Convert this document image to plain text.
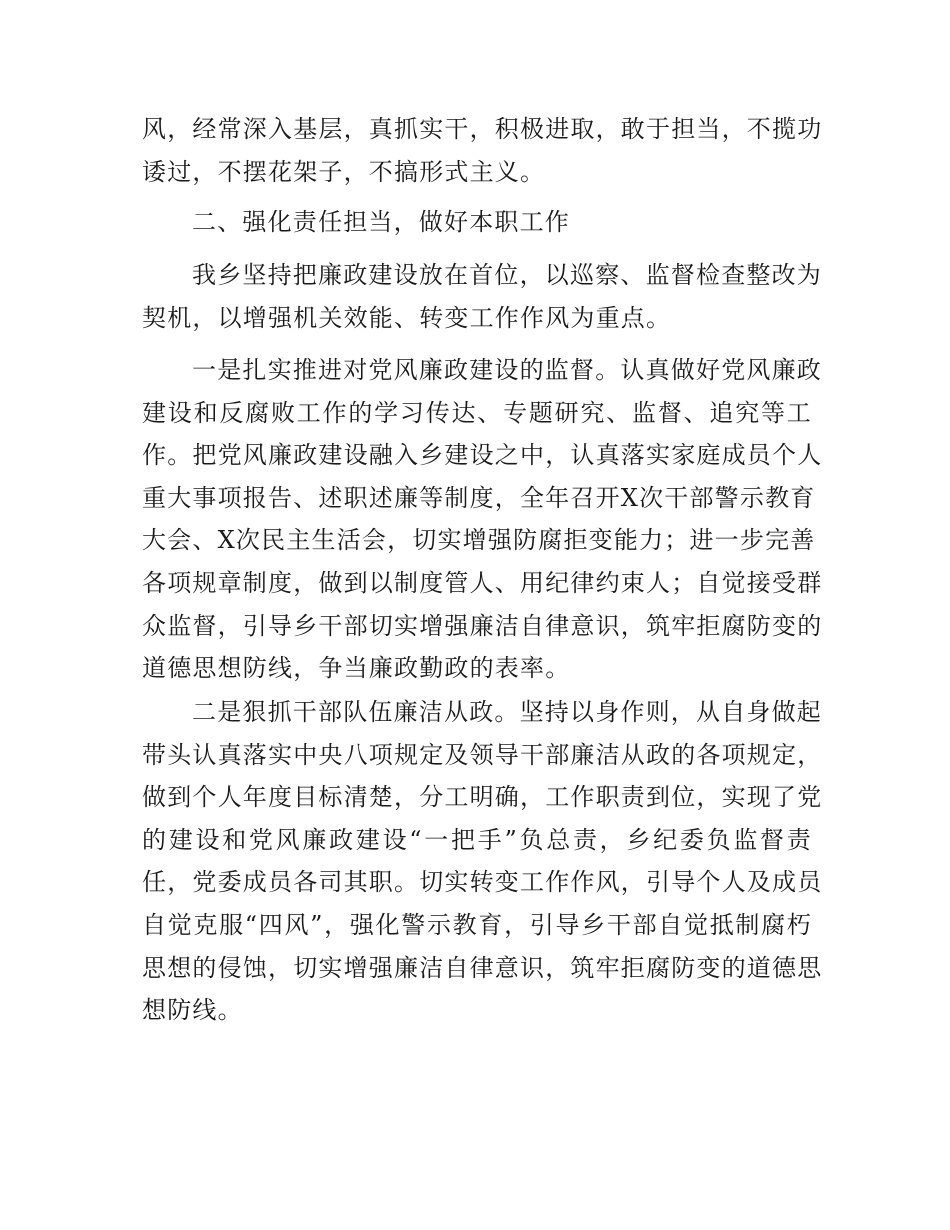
风，经常深入基层，真抓实干，积极进取，敢于担当，不揽功
诿过，不摆花架子，不搞形式主义。
二、强化责任担当，做好本职工作
我乡坚持把廉政建设放在首位，以巡察、监督检查整改为
契机，以增强机关效能、转变工作作风为重点。
一是扎实推进对党风廉政建设的监督。认真做好党风廉政
建设和反腐败工作的学习传达、专题研究、监督、追究等工
作。把党风廉政建设融入乡建设之中，认真落实家庭成员个人
重大事项报告、述职述廉等制度，全年召开X次干部警示教育
大会、X次民主生活会，切实增强防腐拒变能力；进一步完善
各项规章制度，做到以制度管人、用纪律约束人；自觉接受群
众监督，引导乡干部切实增强廉洁自律意识，筑牢拒腐防变的
道德思想防线，争当廉政勤政的表率。
二是狠抓干部队伍廉洁从政。坚持以身作则，从自身做起
带头认真落实中央八项规定及领导干部廉洁从政的各项规定，
做到个人年度目标清楚，分工明确，工作职责到位，实现了党
的建设和党风廉政建设“一把手”负总责，乡纪委负监督责
任，党委成员各司其职。切实转变工作作风，引导个人及成员
自觉克服“四风”，强化警示教育，引导乡干部自觉抵制腐朽
思想的侵蚀，切实增强廉洁自律意识，筑牢拒腐防变的道德思
想防线。
